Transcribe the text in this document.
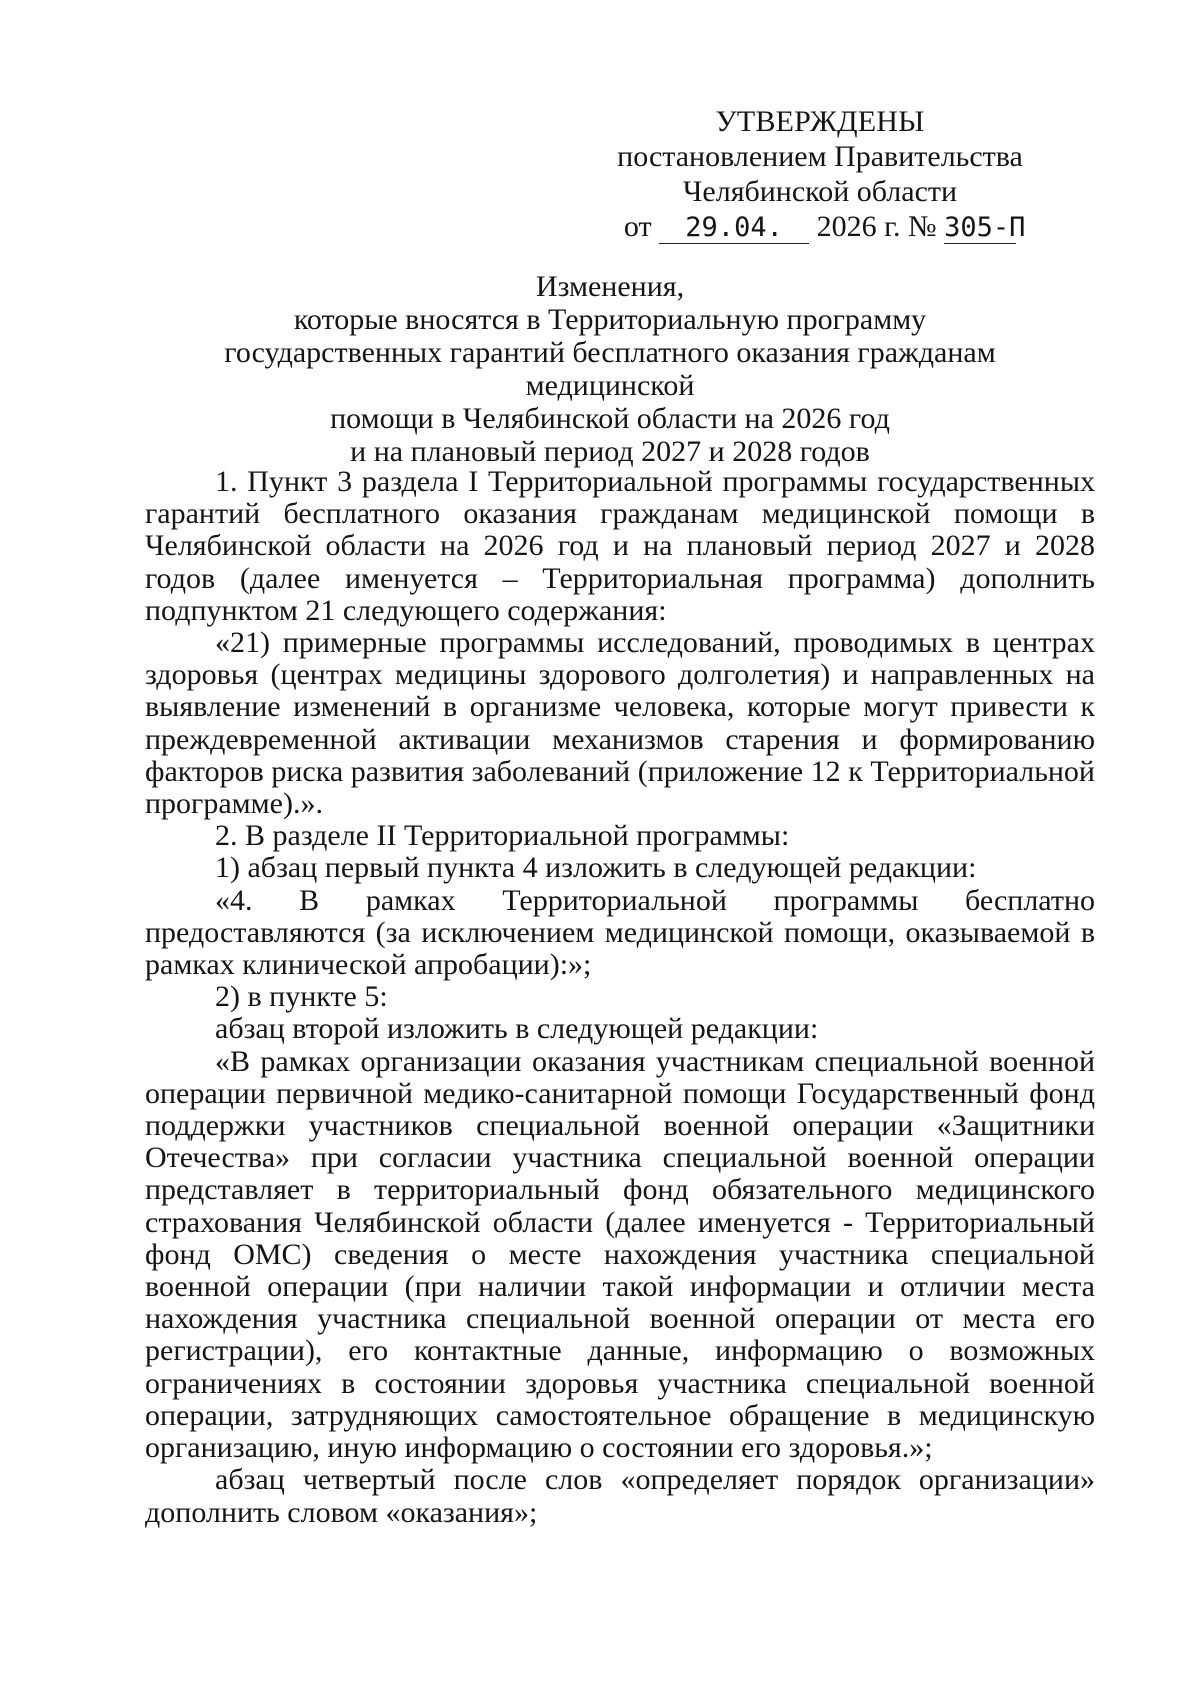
УТВЕРЖДЕНЫ
постановлением Правительства
Челябинской области
от 29.04. 2026 г. № 305-П
Изменения,
которые вносятся в Территориальную программу
государственных гарантий бесплатного оказания гражданам медицинской
помощи в Челябинской области на 2026 год
и на плановый период 2027 и 2028 годов

1. Пункт 3 раздела I Территориальной программы государственных гарантий бесплатного оказания гражданам медицинской помощи в Челябинской области на 2026 год и на плановый период 2027 и 2028 годов (далее именуется – Территориальная программа) дополнить подпунктом 21 следующего содержания:

«21) примерные программы исследований, проводимых в центрах здоровья (центрах медицины здорового долголетия) и направленных на выявление изменений в организме человека, которые могут привести к преждевременной активации механизмов старения и формированию факторов риска развития заболеваний (приложение 12 к Территориальной программе).».

2. В разделе II Территориальной программы:

1) абзац первый пункта 4 изложить в следующей редакции:

«4. В рамках Территориальной программы бесплатно предоставляются (за исключением медицинской помощи, оказываемой в рамках клинической апробации):»;

2) в пункте 5:

абзац второй изложить в следующей редакции:

«В рамках организации оказания участникам специальной военной операции первичной медико-санитарной помощи Государственный фонд поддержки участников специальной военной операции «Защитники Отечества» при согласии участника специальной военной операции представляет в территориальный фонд обязательного медицинского страхования Челябинской области (далее именуется - Территориальный фонд ОМС) сведения о месте нахождения участника специальной военной операции (при наличии такой информации и отличии места нахождения участника специальной военной операции от места его регистрации), его контактные данные, информацию о возможных ограничениях в состоянии здоровья участника специальной военной операции, затрудняющих самостоятельное обращение в медицинскую организацию, иную информацию о состоянии его здоровья.»;

абзац четвертый после слов «определяет порядок организации» дополнить словом «оказания»;
